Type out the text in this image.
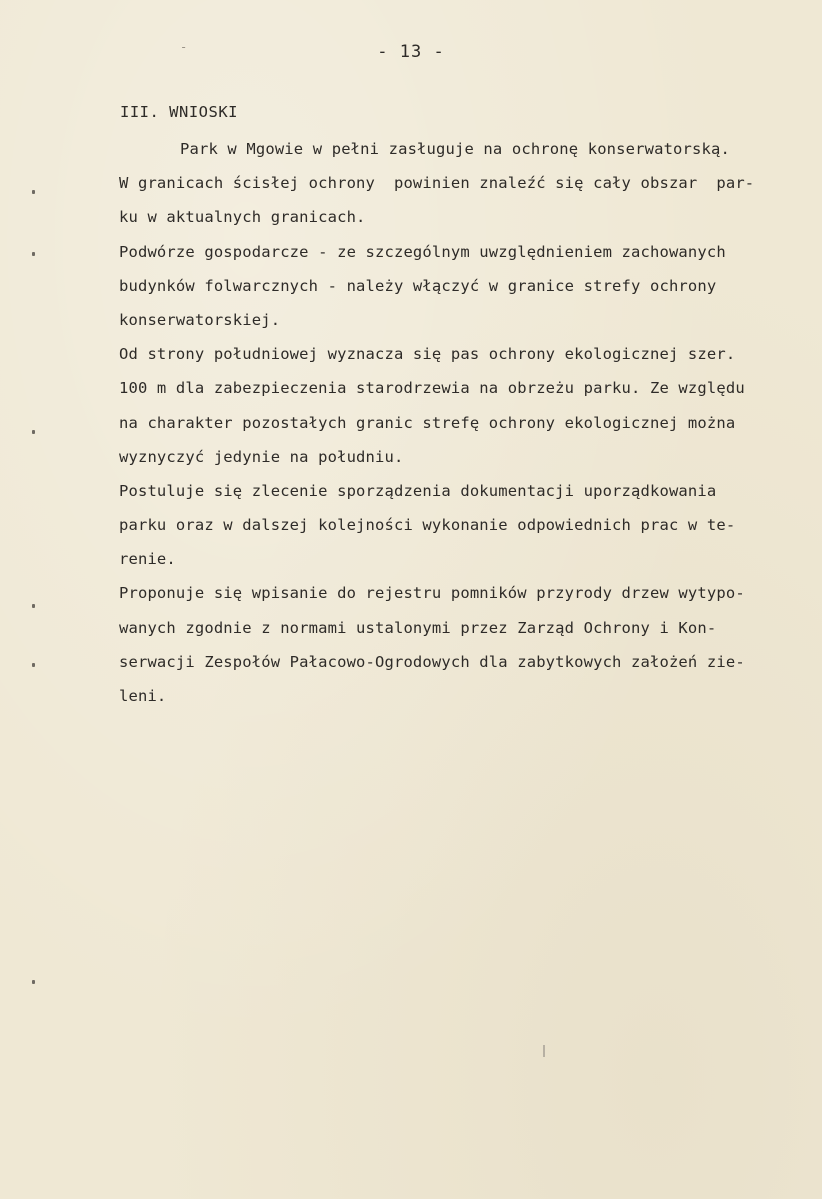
-	- 13 -
III. WNIOSKI
Park w Mgowie w pełni zasługuje na ochronę konserwatorską.
W granicach ścisłej ochrony  powinien znaleźć się cały obszar  par-
ku w aktualnych granicach.
Podwórze gospodarcze - ze szczególnym uwzględnieniem zachowanych
budynków folwarcznych - należy włączyć w granice strefy ochrony
konserwatorskiej.
Od strony południowej wyznacza się pas ochrony ekologicznej szer.
100 m dla zabezpieczenia starodrzewia na obrzeżu parku. Ze względu
na charakter pozostałych granic strefę ochrony ekologicznej można
wyznyczyć jedynie na południu.
Postuluje się zlecenie sporządzenia dokumentacji uporządkowania
parku oraz w dalszej kolejności wykonanie odpowiednich prac w te-
renie.
Proponuje się wpisanie do rejestru pomników przyrody drzew wytypo-
wanych zgodnie z normami ustalonymi przez Zarząd Ochrony i Kon-
serwacji Zespołów Pałacowo-Ogrodowych dla zabytkowych założeń zie-
leni.
